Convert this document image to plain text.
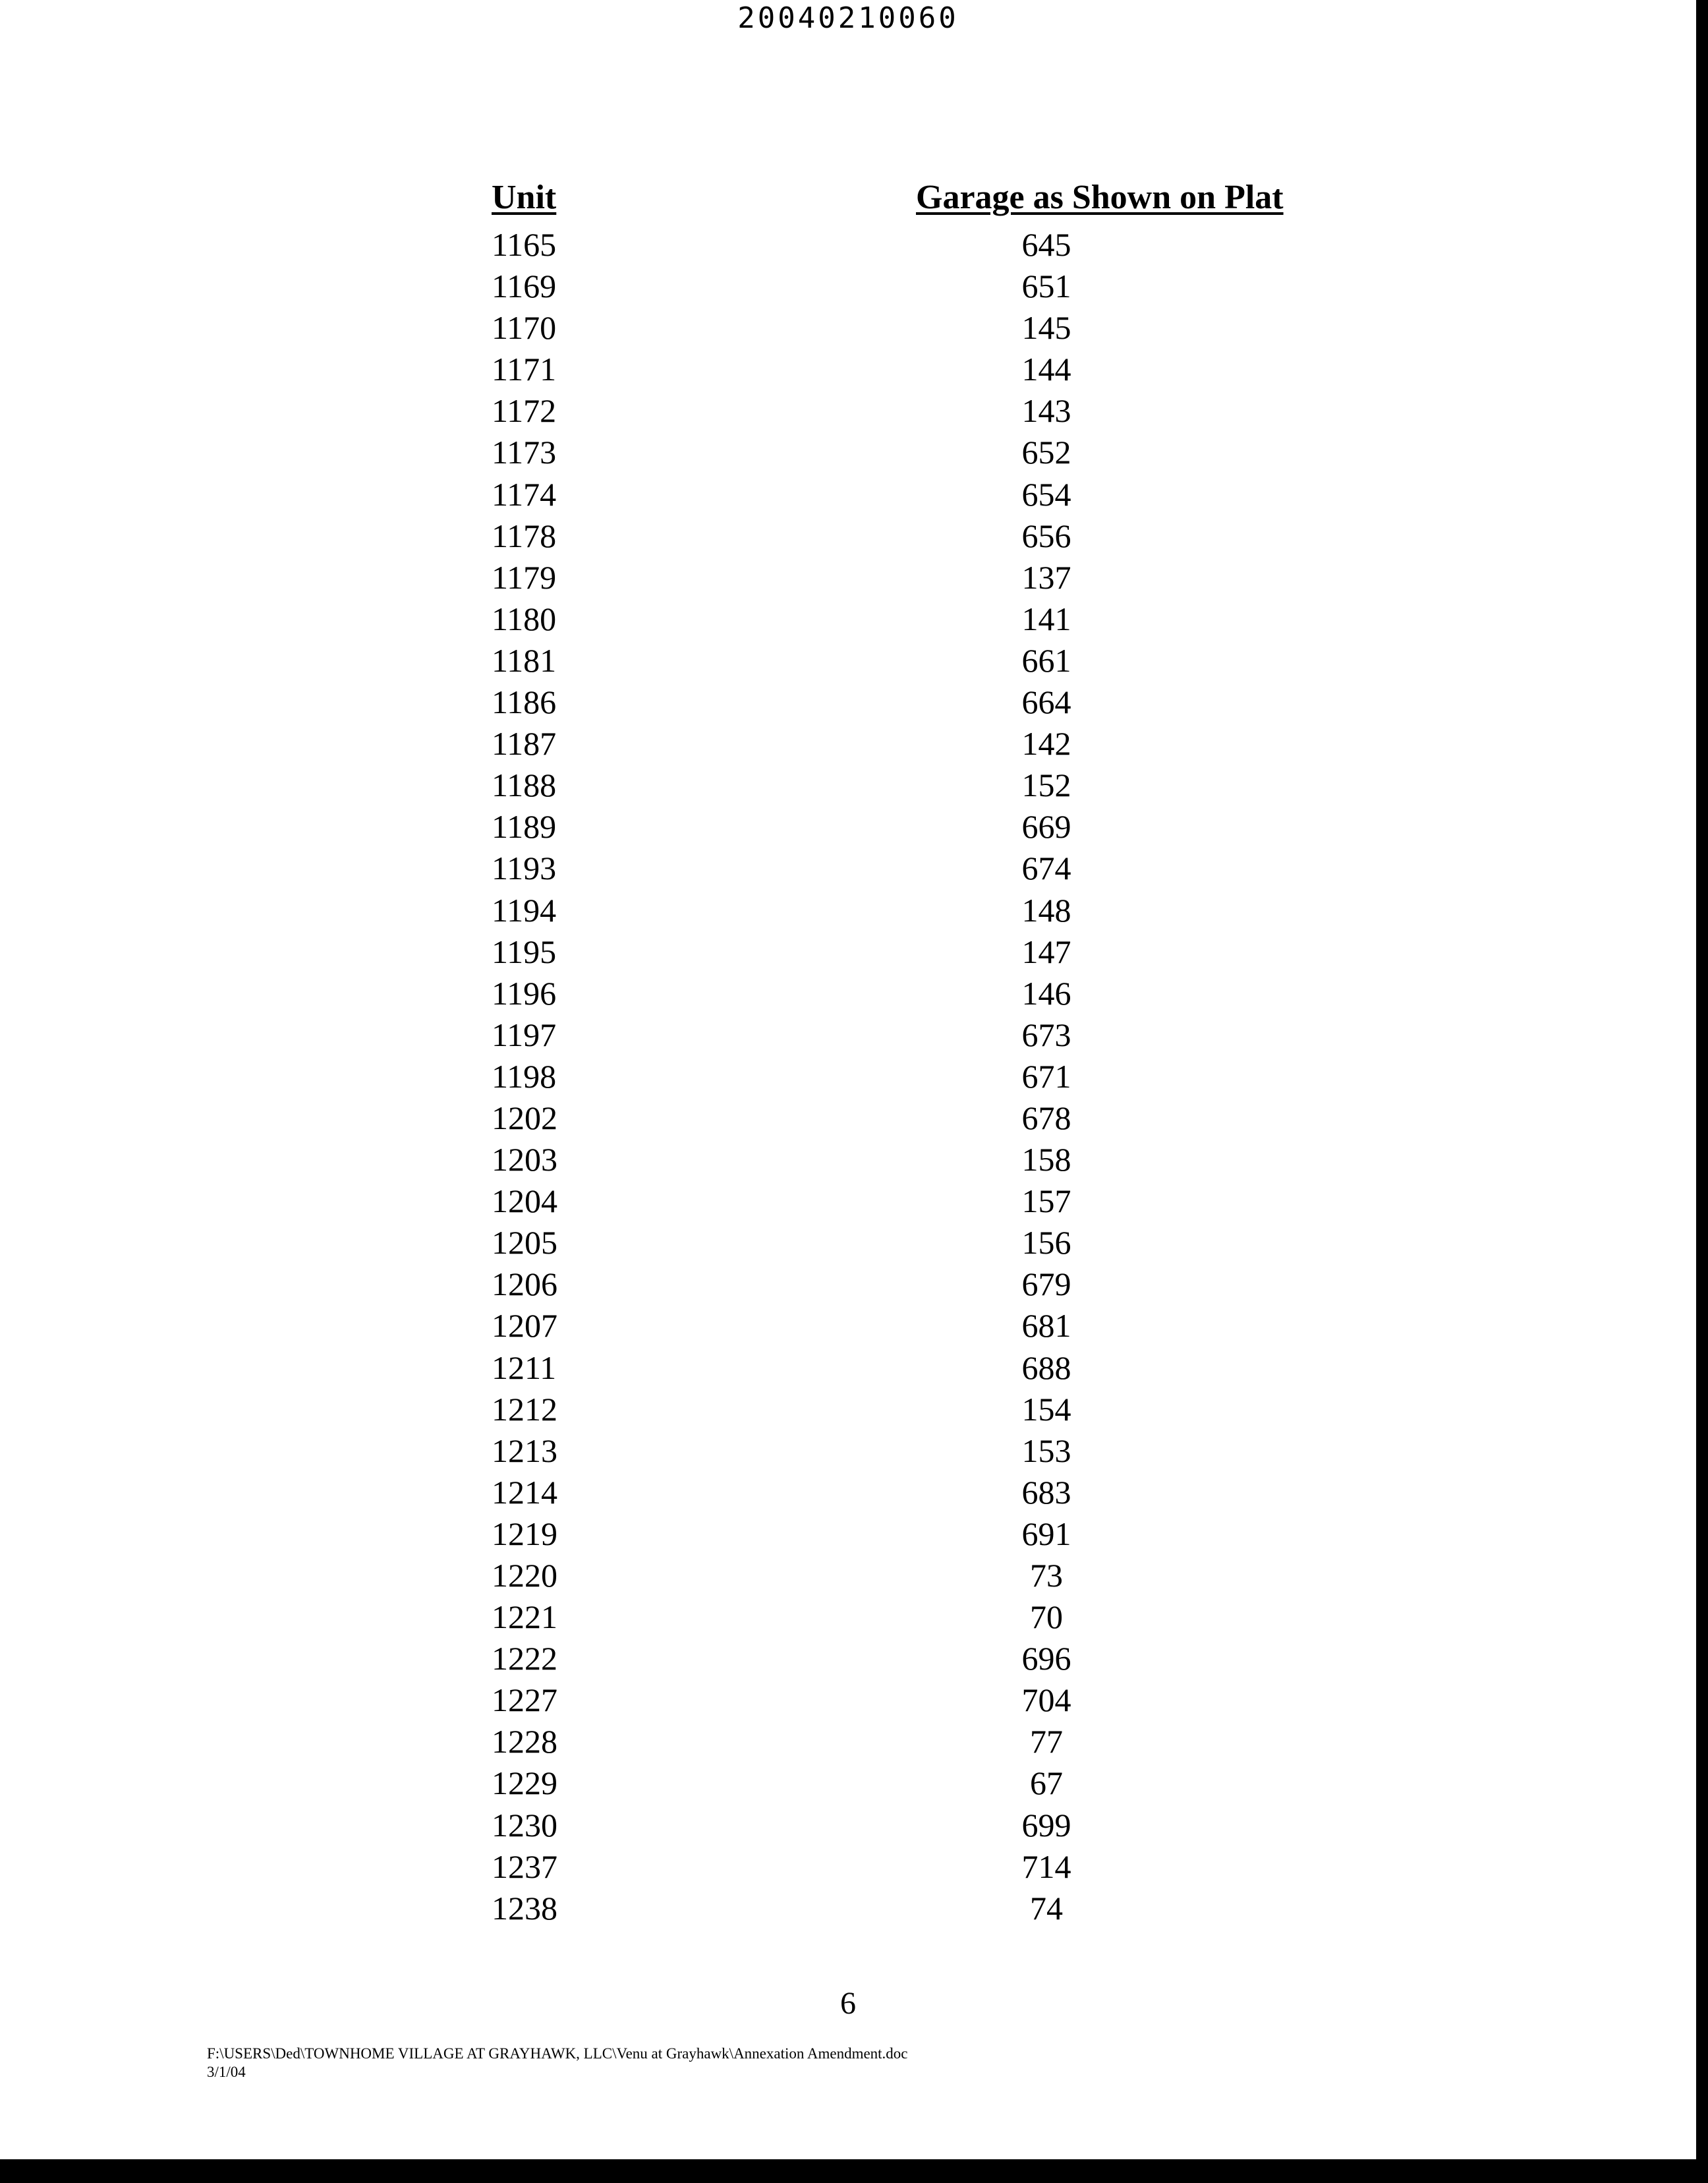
20040210060
Unit	Garage as Shown on Plat
1165	645
1169	651
1170	145
1171	144
1172	143
1173	652
1174	654
1178	656
1179	137
1180	141
1181	661
1186	664
1187	142
1188	152
1189	669
1193	674
1194	148
1195	147
1196	146
1197	673
1198	671
1202	678
1203	158
1204	157
1205	156
1206	679
1207	681
1211	688
1212	154
1213	153
1214	683
1219	691
1220	73
1221	70
1222	696
1227	704
1228	77
1229	67
1230	699
1237	714
1238	74
6
F:\USERS\Ded\TOWNHOME VILLAGE AT GRAYHAWK, LLC\Venu at Grayhawk\Annexation Amendment.doc
3/1/04
